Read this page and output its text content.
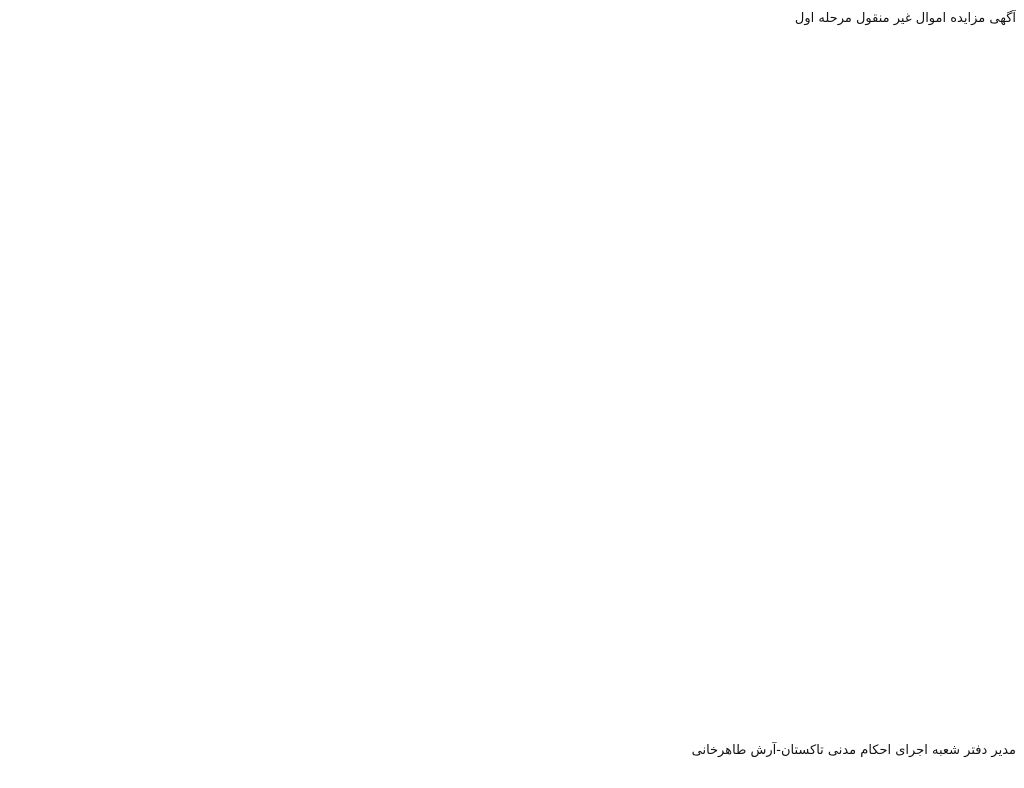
آگهی مزایده اموال غیر منقول مرحله اول

مدیر دفتر شعبه اجرای احکام مدنی تاکستان-آرش طاهرخانی
